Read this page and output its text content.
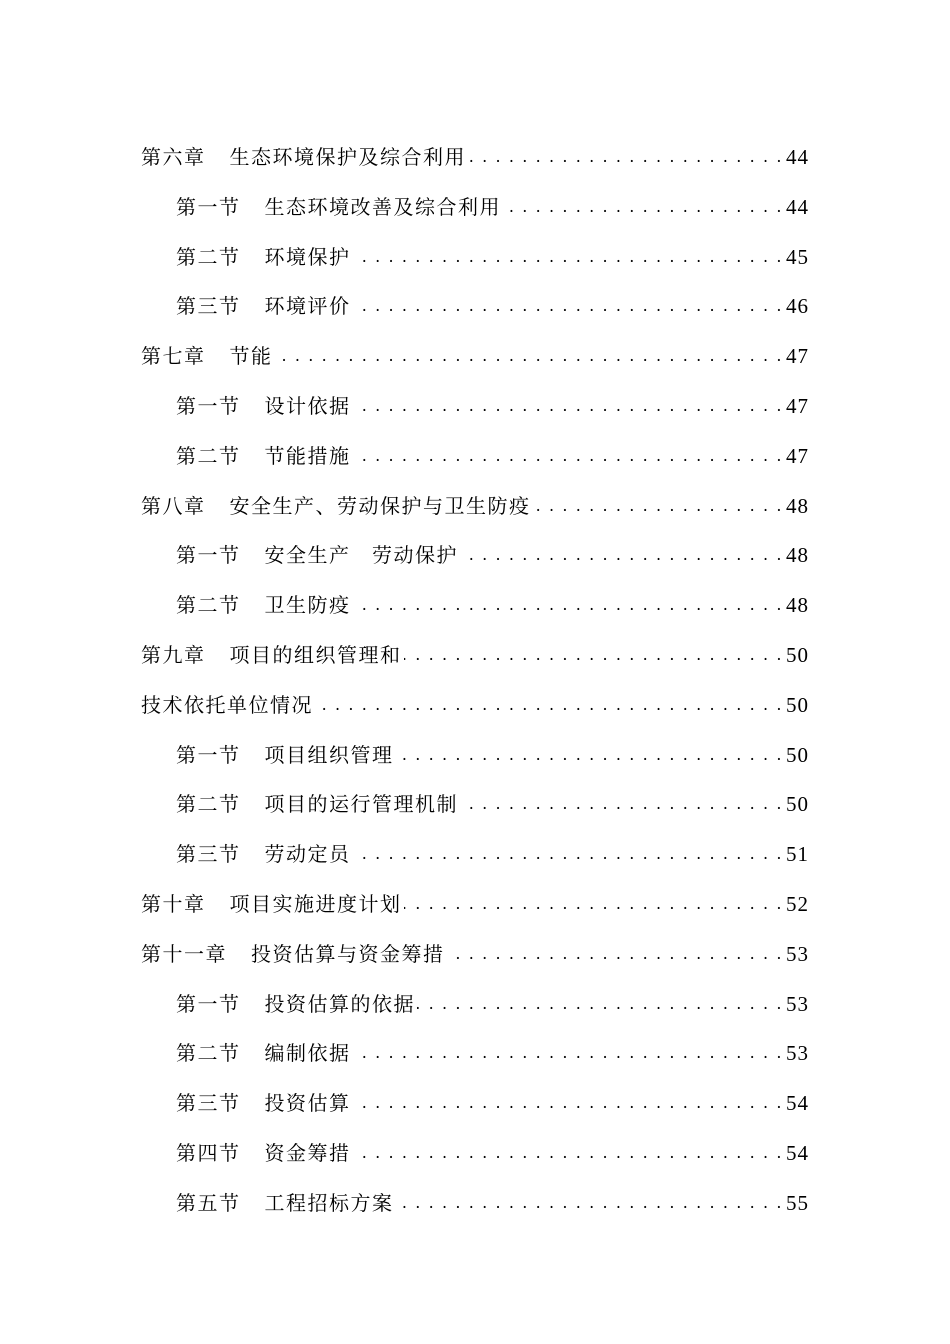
第六章 生态环境保护及综合利用 . . .	44
第一节 生态环境改善及综合利用 . . .	44
第二节 环境保护 . . .	45
第三节 环境评价 . . .	46
第七章 节能 . . .	47
第一节 设计依据 . . .	47
第二节 节能措施 . . .	47
第八章 安全生产、劳动保护与卫生防疫 . . .	48
第一节 安全生产　劳动保护 . . .	48
第二节 卫生防疫 . . .	48
第九章 项目的组织管理和 . . .	50
技术依托单位情况 . . .	50
第一节 项目组织管理 . . .	50
第二节 项目的运行管理机制 . . .	50
第三节 劳动定员 . . .	51
第十章 项目实施进度计划 . . .	52
第十一章 投资估算与资金筹措 . . .	53
第一节 投资估算的依据 . . .	53
第二节 编制依据 . . .	53
第三节 投资估算 . . .	54
第四节 资金筹措 . . .	54
第五节 工程招标方案 . . .	55
